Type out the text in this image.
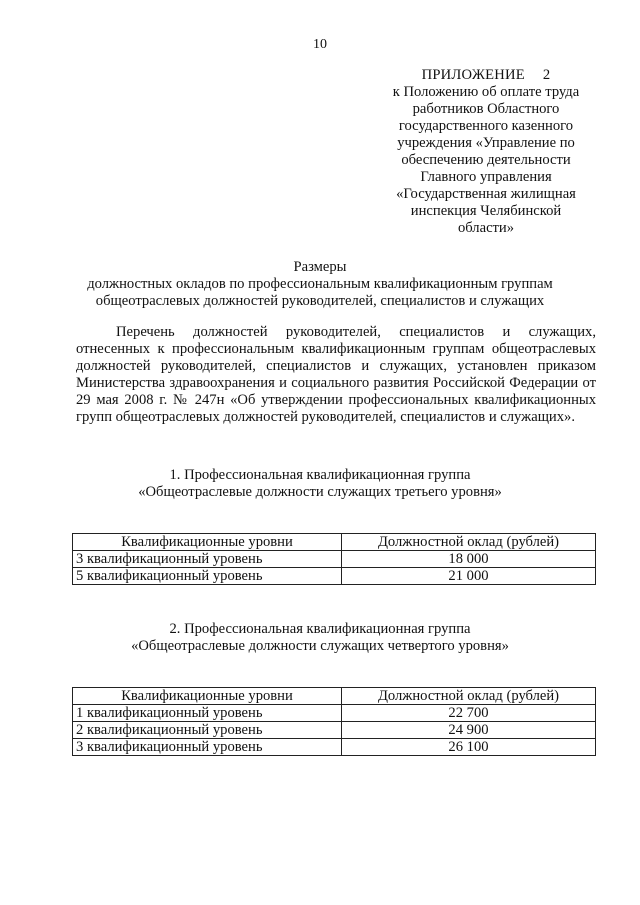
10
ПРИЛОЖЕНИЕ 2
к Положению об оплате труда
работников Областного
государственного казенного
учреждения «Управление по
обеспечению деятельности
Главного управления
«Государственная жилищная
инспекция Челябинской
области»
Размеры
должностных окладов по профессиональным квалификационным группам
общеотраслевых должностей руководителей, специалистов и служащих

Перечень должностей руководителей, специалистов и служащих, отнесенных к профессиональным квалификационным группам общеотраслевых должностей руководителей, специалистов и служащих, установлен приказом Министерства здравоохранения и социального развития Российской Федерации от 29 мая 2008 г. № 247н «Об утверждении профессиональных квалификационных групп общеотраслевых должностей руководителей, специалистов и служащих».

1. Профессиональная квалификационная группа
«Общеотраслевые должности служащих третьего уровня»
Квалификационные уровни	Должностной оклад (рублей)
3 квалификационный уровень	18 000
5 квалификационный уровень	21 000
2. Профессиональная квалификационная группа
«Общеотраслевые должности служащих четвертого уровня»
Квалификационные уровни	Должностной оклад (рублей)
1 квалификационный уровень	22 700
2 квалификационный уровень	24 900
3 квалификационный уровень	26 100
